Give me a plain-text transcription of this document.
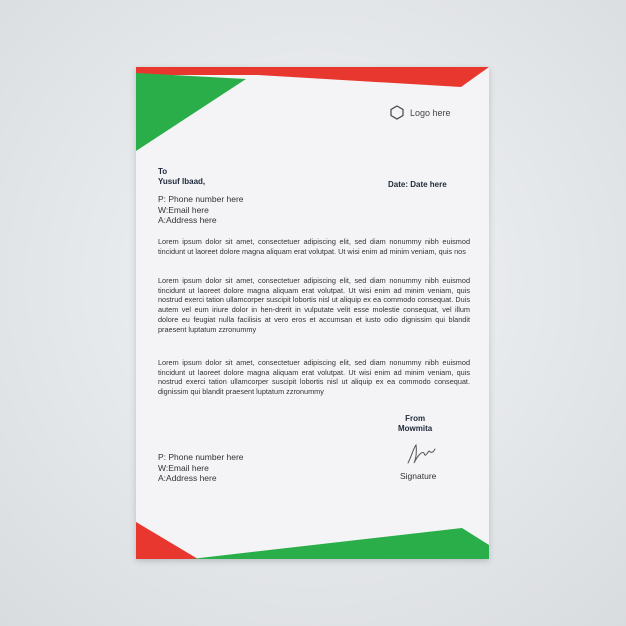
Logo here
To
Yusuf Ibaad,	Date: Date here
P: Phone number here
W:Email here
A:Address here
Lorem ipsum dolor sit amet, consectetuer adipiscing elit, sed diam nonummy nibh euismod tincidunt ut laoreet dolore magna aliquam erat volutpat. Ut wisi enim ad minim veniam, quis nos
Lorem ipsum dolor sit amet, consectetuer adipiscing elit, sed diam nonummy nibh euismod tincidunt ut laoreet dolore magna aliquam erat volutpat. Ut wisi enim ad minim veniam, quis nostrud exerci tation ullamcorper suscipit lobortis nisl ut aliquip ex ea commodo consequat. Duis autem vel eum iriure dolor in hen-drerit in vulputate velit esse molestie consequat, vel illum dolore eu feugiat nulla facilisis at vero eros et accumsan et iusto odio dignissim qui blandit praesent luptatum zzronummy
Lorem ipsum dolor sit amet, consectetuer adipiscing elit, sed diam nonummy nibh euismod tincidunt ut laoreet dolore magna aliquam erat volutpat. Ut wisi enim ad minim veniam, quis nostrud exerci tation ullamcorper suscipit lobortis nisl ut aliquip ex ea commodo consequat. dignissim qui blandit praesent luptatum zzronummy
From
Mowmita
Signature
P: Phone number here
W:Email here
A:Address here
